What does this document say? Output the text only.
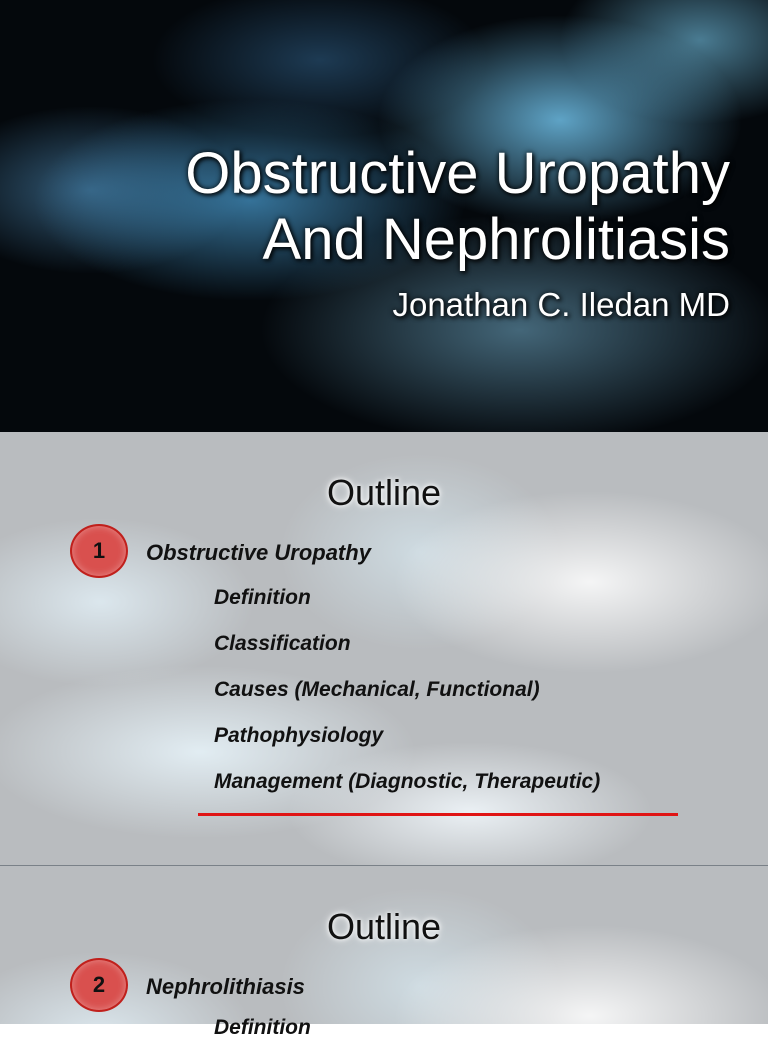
Obstructive Uropathy
And Nephrolitiasis
Jonathan C. Iledan MD
Outline
1	Obstructive Uropathy
Definition
Classification
Causes (Mechanical, Functional)
Pathophysiology
Management (Diagnostic, Therapeutic)
Outline
2	Nephrolithiasis
Definition
